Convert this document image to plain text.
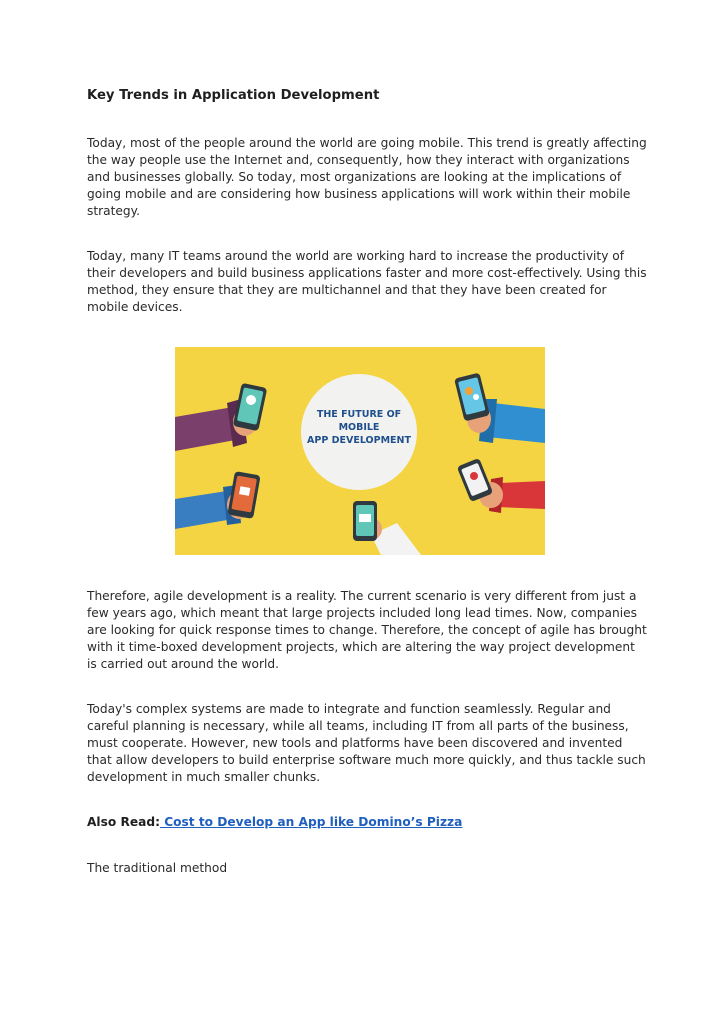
Key Trends in Application Development

Today, most of the people around the world are going mobile. This trend is greatly affecting the way people use the Internet and, consequently, how they interact with organizations and businesses globally. So today, most organizations are looking at the implications of going mobile and are considering how business applications will work within their mobile strategy.

Today, many IT teams around the world are working hard to increase the productivity of their developers and build business applications faster and more cost-effectively. Using this method, they ensure that they are multichannel and that they have been created for mobile devices.

THE FUTURE OF
MOBILE
APP DEVELOPMENT

Therefore, agile development is a reality. The current scenario is very different from just a few years ago, which meant that large projects included long lead times. Now, companies are looking for quick response times to change. Therefore, the concept of agile has brought with it time-boxed development projects, which are altering the way project development is carried out around the world.

Today's complex systems are made to integrate and function seamlessly. Regular and careful planning is necessary, while all teams, including IT from all parts of the business, must cooperate. However, new tools and platforms have been discovered and invented that allow developers to build enterprise software much more quickly, and thus tackle such development in much smaller chunks.

Also Read: Cost to Develop an App like Domino’s Pizza

The traditional method
